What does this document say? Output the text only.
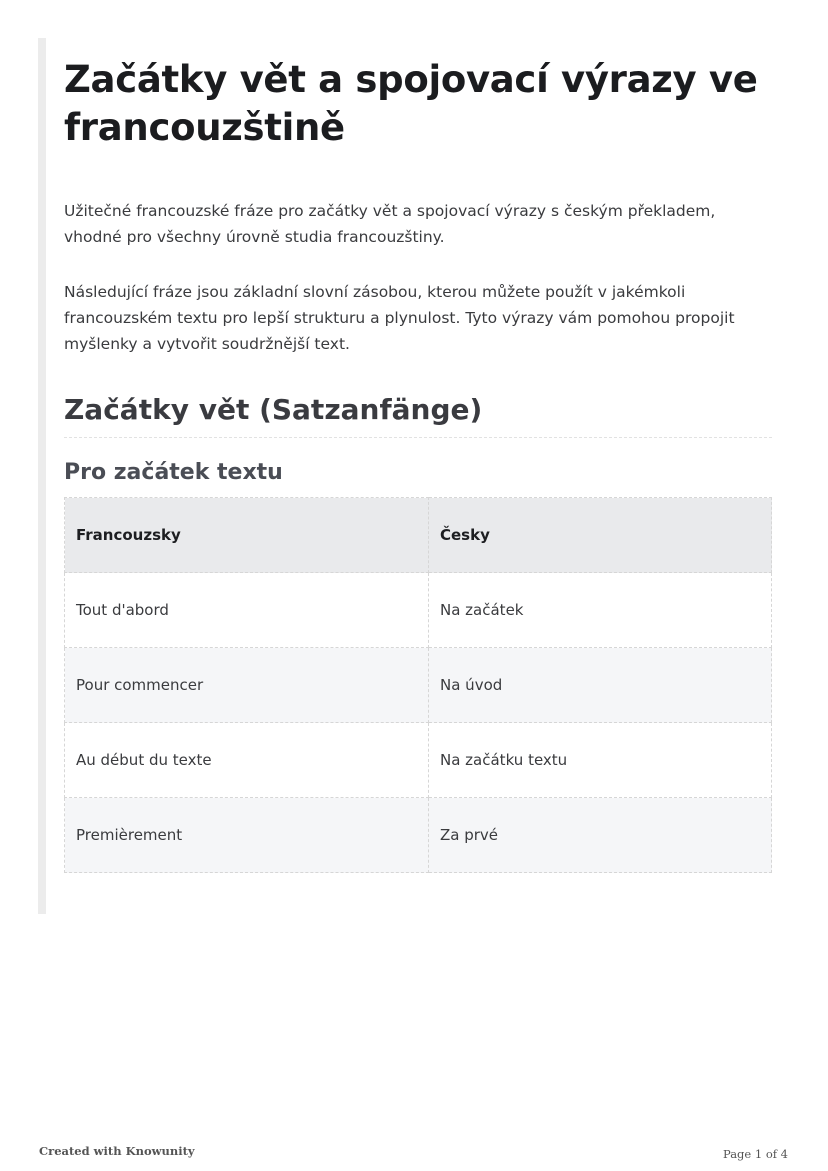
Začátky vět a spojovací výrazy ve francouzštině

Užitečné francouzské fráze pro začátky vět a spojovací výrazy s českým překladem, vhodné pro všechny úrovně studia francouzštiny.

Následující fráze jsou základní slovní zásobou, kterou můžete použít v jakémkoli francouzském textu pro lepší strukturu a plynulost. Tyto výrazy vám pomohou propojit myšlenky a vytvořit soudržnější text.

Začátky vět (Satzanfänge)
Pro začátek textu
Francouzsky	Česky
Tout d'abord	Na začátek
Pour commencer	Na úvod
Au début du texte	Na začátku textu
Premièrement	Za prvé
Created with Knowunity	Page 1 of 4
